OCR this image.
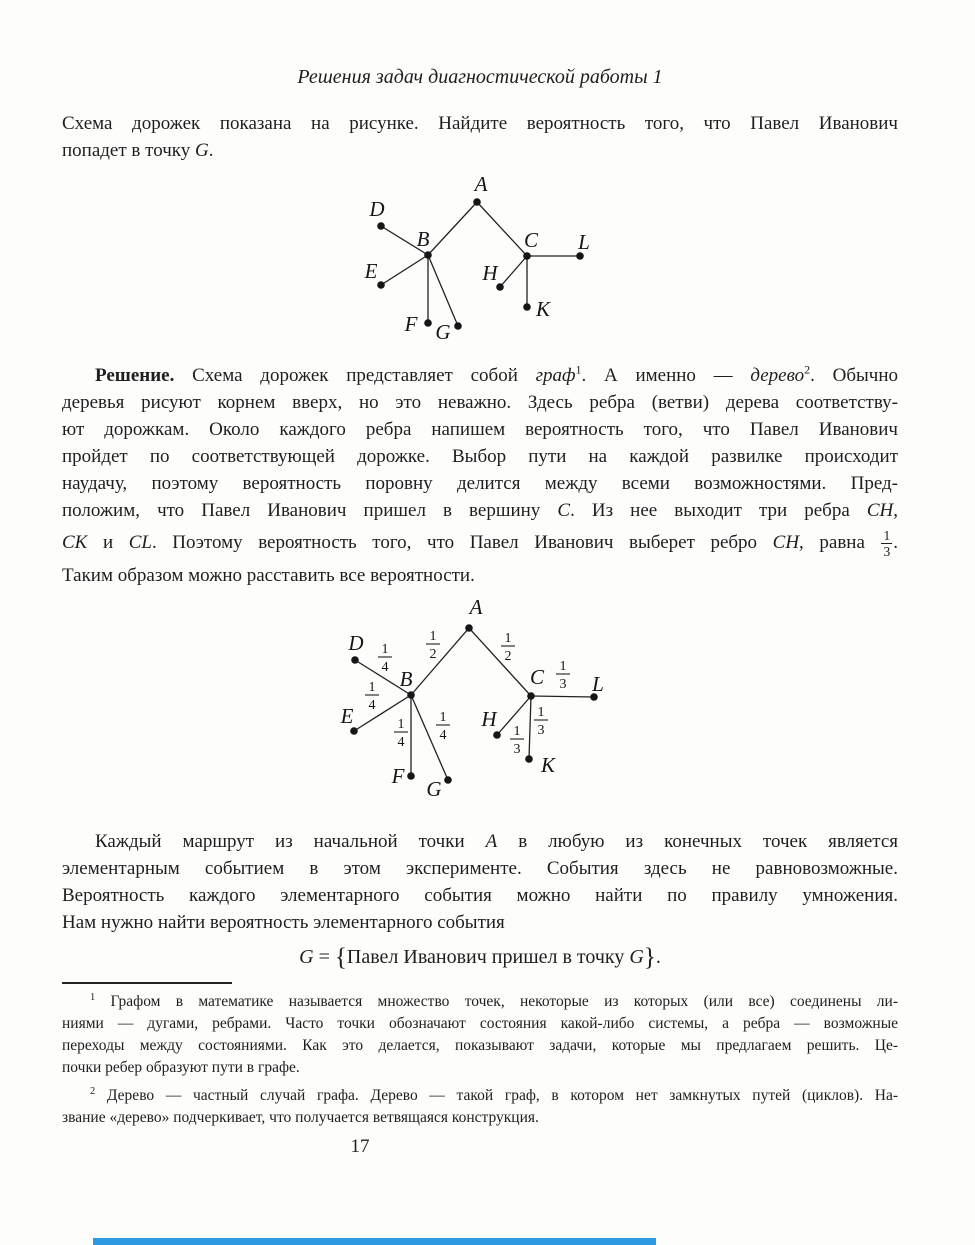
Решения задач диагностической работы 1
Схема дорожек показана на рисунке. Найдите вероятность того, что Павел Иванович
попадет в точку G.
A
B	C
D
E
F G
H
K
L
Решение. Схема дорожек представляет собой граф$^1$. А именно — дерево$^2$. Обычно
деревья рисуют корнем вверх, но это неважно. Здесь ребра (ветви) дерева соответству-
ют дорожкам. Около каждого ребра напишем вероятность того, что Павел Иванович
пройдет по соответствующей дорожке. Выбор пути на каждой развилке происходит
наудачу, поэтому вероятность поровну делится между всеми возможностями. Пред-
положим, что Павел Иванович пришел в вершину C. Из нее выходит три ребра CH,
CK и CL. Поэтому вероятность того, что Павел Иванович выберет ребро CH, равна $\frac{1}{3}$ .
Таким образом можно расставить все вероятности.
A
B	C
D
E
F
G
H
K
L
1
2
1
2
1
4
1
4
1
4
1
4
1
3
1
3
1
3
Каждый маршрут из начальной точки A в любую из конечных точек является
элементарным событием в этом эксперименте. События здесь не равновозможные.
Вероятность каждого элементарного события можно найти по правилу умножения.
Нам нужно найти вероятность элементарного события
G = {Павел Иванович пришел в точку G}.
$^1$ Графом в математике называется множество точек, некоторые из которых (или все) соединены ли-
ниями — дугами, ребрами. Часто точки обозначают состояния какой-либо системы, а ребра — возможные
переходы между состояниями. Как это делается, показывают задачи, которые мы предлагаем решить. Це-
почки ребер образуют пути в графе.
$^2$ Дерево — частный случай графа. Дерево — такой граф, в котором нет замкнутых путей (циклов). На-
звание «дерево» подчеркивает, что получается ветвящаяся конструкция.
17
